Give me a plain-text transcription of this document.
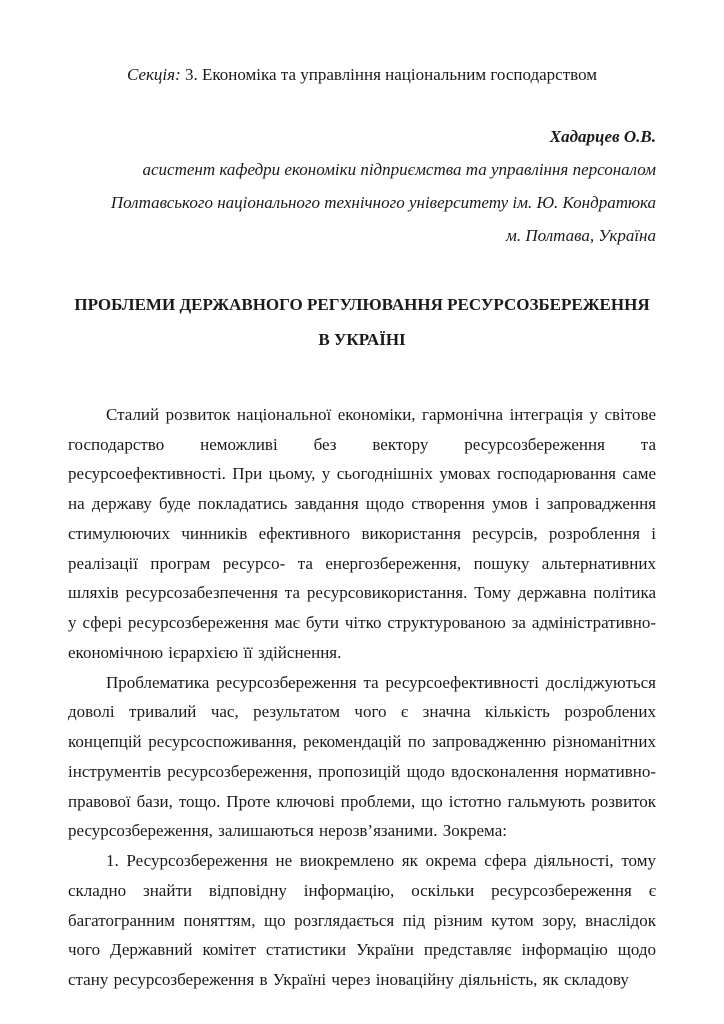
Секція: 3. Економіка та управління національним господарством

Хадарцев О.В.

асистент кафедри економіки підприємства та управління персоналом

Полтавського національного технічного університету ім. Ю. Кондратюка

м. Полтава, Україна

ПРОБЛЕМИ ДЕРЖАВНОГО РЕГУЛЮВАННЯ РЕСУРСОЗБЕРЕЖЕННЯ В УКРАЇНІ

Сталий розвиток національної економіки, гармонічна інтеграція у світове господарство неможливі без вектору ресурсозбереження та ресурсоефективності. При цьому, у сьогоднішніх умовах господарювання саме на державу буде покладатись завдання щодо створення умов і запровадження стимулюючих чинників ефективного використання ресурсів, розроблення і реалізації програм ресурсо- та енергозбереження, пошуку альтернативних шляхів ресурсозабезпечення та ресурсовикористання. Тому державна політика у сфері ресурсозбереження має бути чітко структурованою за адміністративно-економічною ієрархією її здійснення.

Проблематика ресурсозбереження та ресурсоефективності досліджуються доволі тривалий час, результатом чого є значна кількість розроблених концепцій ресурсоспоживання, рекомендацій по запровадженню різноманітних інструментів ресурсозбереження, пропозицій щодо вдосконалення нормативно-правової бази, тощо. Проте ключові проблеми, що істотно гальмують розвиток ресурсозбереження, залишаються нерозв’язаними. Зокрема:

1. Ресурсозбереження не виокремлено як окрема сфера діяльності, тому складно знайти відповідну інформацію, оскільки ресурсозбереження є багатогранним поняттям, що розглядається під різним кутом зору, внаслідок чого Державний комітет статистики України представляє інформацію щодо стану ресурсозбереження в Україні через іноваційну діяльність, як складову
